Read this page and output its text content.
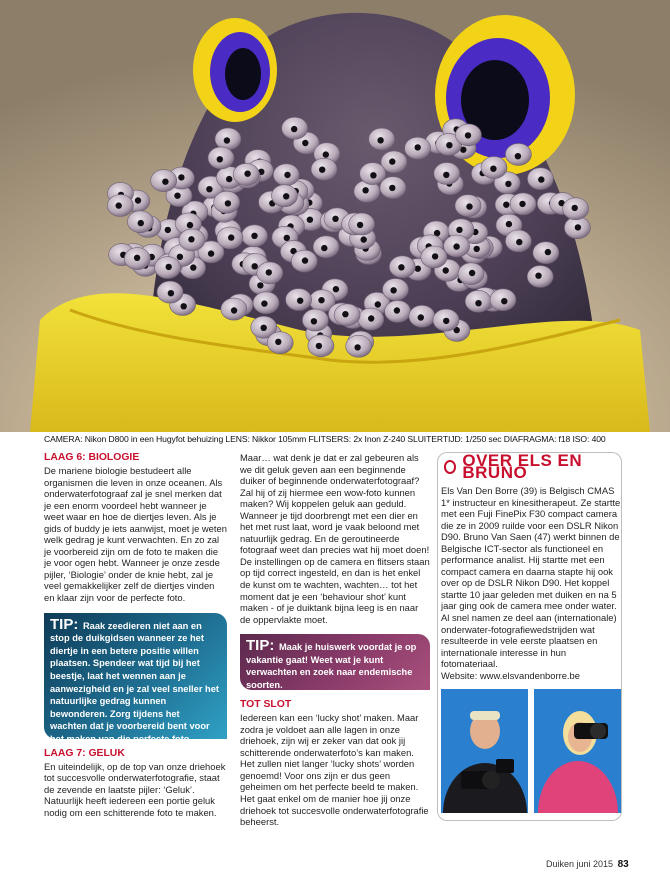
CAMERA: Nikon D800 in een Hugyfot behuizing LENS: Nikkor 105mm FLITSERS: 2x Inon Z-240 SLUITERTIJD: 1/250 sec DIAFRAGMA: f18 ISO: 400
LAAG 6: BIOLOGIE

De mariene biologie bestudeert alle organismen die leven in onze oceanen. Als onderwaterfotograaf zal je snel merken dat je een enorm voordeel hebt wanneer je weet waar en hoe de diertjes leven. Als je gids of buddy je iets aanwijst, moet je weten welk gedrag je kunt verwachten. En zo zal je voorbereid zijn om de foto te maken die je voor ogen hebt. Wanneer je onze zesde pijler, ‘Biologie’ onder de knie hebt, zal je veel gemakkelijker zelf de diertjes vinden en klaar zijn voor de perfecte foto.

TIP: Raak zeedieren niet aan en stop de duikgidsen wanneer ze het diertje in een betere positie willen plaatsen. Spendeer wat tijd bij het beestje, laat het wennen aan je aanwezigheid en je zal veel sneller het natuurlijke gedrag kunnen bewonderen. Zorg tijdens het wachten dat je voorbereid bent voor het maken van die perfecte foto.
LAAG 7: GELUK

En uiteindelijk, op de top van onze driehoek tot succesvolle onderwaterfotografie, staat de zevende en laatste pijler: ‘Geluk’. Natuurlijk heeft iedereen een portie geluk nodig om een schitterende foto te maken.

Maar… wat denk je dat er zal gebeuren als we dit geluk geven aan een beginnende duiker of beginnende onderwaterfotograaf? Zal hij of zij hiermee een wow-foto kunnen maken? Wij koppelen geluk aan geduld. Wanneer je tijd doorbrengt met een dier en het met rust laat, word je vaak beloond met natuurlijk gedrag. En de geroutineerde fotograaf weet dan precies wat hij moet doen! De instellingen op de camera en flitsers staan op tijd correct ingesteld, en dan is het enkel de kunst om te wachten, wachten… tot het moment dat je een ‘behaviour shot’ kunt maken - of je duiktank bijna leeg is en naar de oppervlakte moet.

TIP: Maak je huiswerk voordat je op vakantie gaat! Weet wat je kunt verwachten en zoek naar endemische soorten.
TOT SLOT

Iedereen kan een ‘lucky shot’ maken. Maar zodra je voldoet aan alle lagen in onze driehoek, zijn wij er zeker van dat ook jij schitterende onderwaterfoto’s kan maken. Het zullen niet langer ‘lucky shots’ worden genoemd! Voor ons zijn er dus geen geheimen om het perfecte beeld te maken. Het gaat enkel om de manier hoe jij onze driehoek tot succesvolle onderwaterfotografie beheerst.

OVER ELS EN BRUNO

Els Van Den Borre (39) is Belgisch CMAS 1* instructeur en kinesitherapeut. Ze startte met een Fuji FinePix F30 compact camera die ze in 2009 ruilde voor een DSLR Nikon D90. Bruno Van Saen (47) werkt binnen de Belgische ICT-sector als functioneel en performance analist. Hij startte met een compact camera en daarna stapte hij ook over op de DSLR Nikon D90. Het koppel startte 10 jaar geleden met duiken en na 5 jaar ging ook de camera mee onder water. Al snel namen ze deel aan (internationale) onderwater-fotografiewedstrijden wat resulteerde in vele eerste plaatsen en internationale interesse in hun fotomateriaal.

Website: www.elsvandenborre.be

Duiken juni 2015 83
